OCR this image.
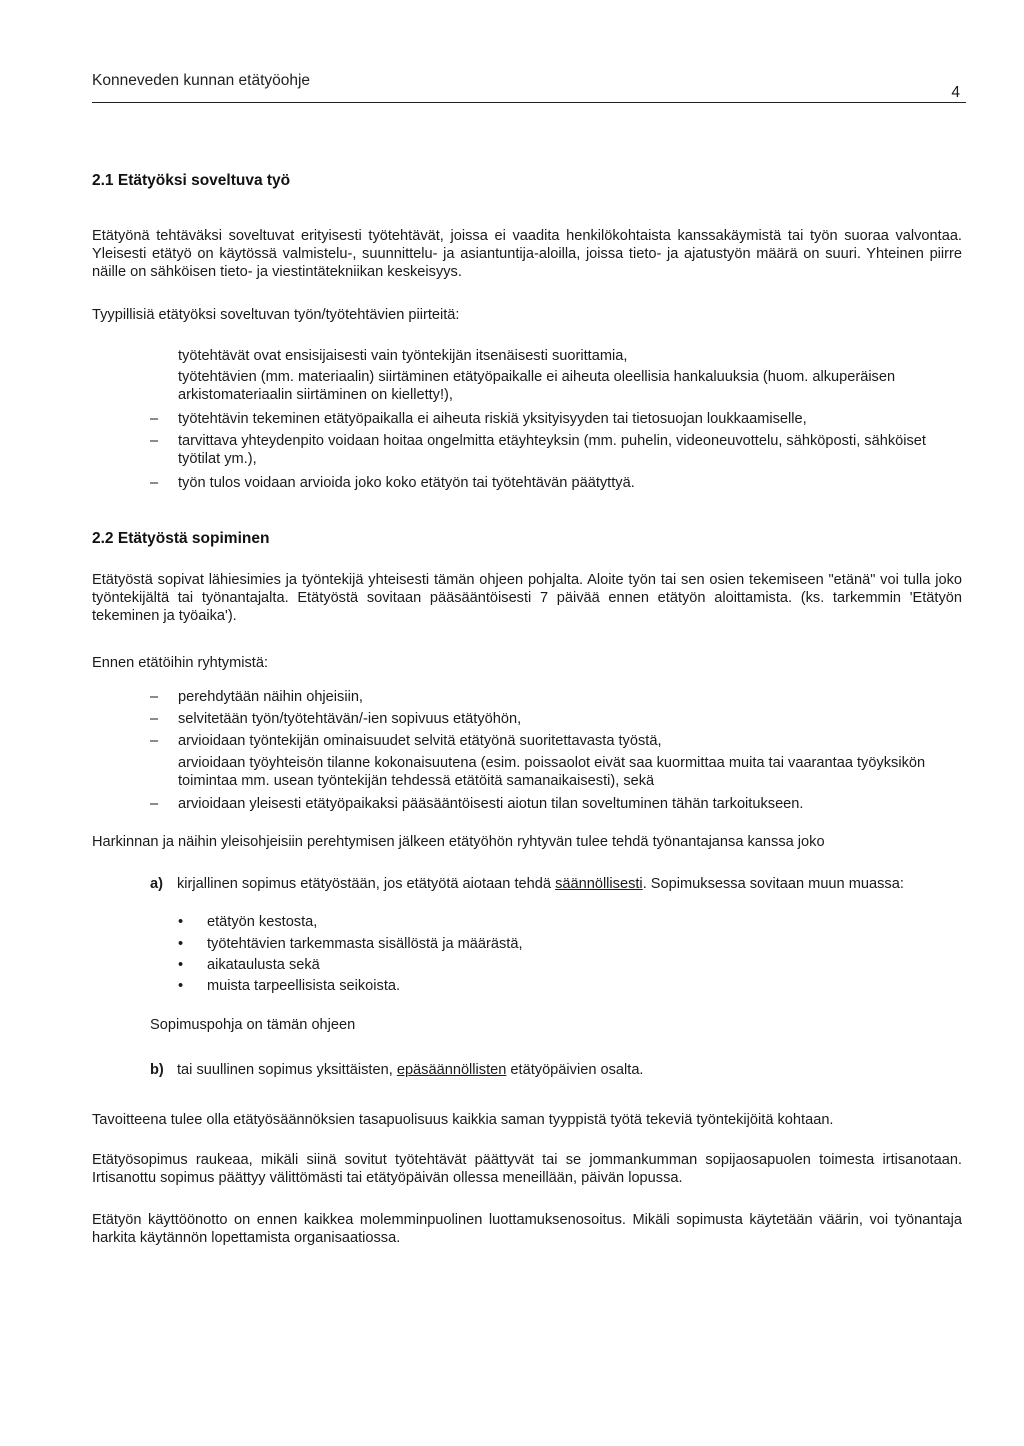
Konneveden kunnan etätyöohje
4
2.1 Etätyöksi soveltuva työ
Etätyönä tehtäväksi soveltuvat erityisesti työtehtävät, joissa ei vaadita henkilökohtaista kanssakäymistä tai työn suoraa valvontaa. Yleisesti etätyö on käytössä valmistelu-, suunnittelu- ja asiantuntija-aloilla, joissa tieto- ja ajatustyön määrä on suuri. Yhteinen piirre näille on sähköisen tieto- ja viestintätekniikan keskeisyys.
Tyypillisiä etätyöksi soveltuvan työn/työtehtävien piirteitä:
työtehtävät ovat ensisijaisesti vain työntekijän itsenäisesti suorittamia,
työtehtävien (mm. materiaalin) siirtäminen etätyöpaikalle ei aiheuta oleellisia hankaluuksia (huom. alkuperäisen arkistomateriaalin siirtäminen on kielletty!),
– työtehtävin tekeminen etätyöpaikalla ei aiheuta riskiä yksityisyyden tai tietosuojan loukkaamiselle,
– tarvittava yhteydenpito voidaan hoitaa ongelmitta etäyhteyksin (mm. puhelin, videoneuvottelu, sähköposti, sähköiset työtilat ym.),
– työn tulos voidaan arvioida joko koko etätyön tai työtehtävän päätyttyä.
2.2 Etätyöstä sopiminen
Etätyöstä sopivat lähiesimies ja työntekijä yhteisesti tämän ohjeen pohjalta. Aloite työn tai sen osien tekemiseen "etänä" voi tulla joko työntekijältä tai työnantajalta. Etätyöstä sovitaan pääsääntöisesti 7 päivää ennen etätyön aloittamista. (ks. tarkemmin 'Etätyön tekeminen ja työaika').
Ennen etätöihin ryhtymistä:
– perehdytään näihin ohjeisiin,
– selvitetään työn/työtehtävän/-ien sopivuus etätyöhön,
– arvioidaan työntekijän ominaisuudet selvitä etätyönä suoritettavasta työstä,
arvioidaan työyhteisön tilanne kokonaisuutena (esim. poissaolot eivät saa kuormittaa muita tai vaarantaa työyksikön toimintaa mm. usean työntekijän tehdessä etätöitä samanaikaisesti), sekä
– arvioidaan yleisesti etätyöpaikaksi pääsääntöisesti aiotun tilan soveltuminen tähän tarkoitukseen.
Harkinnan ja näihin yleisohjeisiin perehtymisen jälkeen etätyöhön ryhtyvän tulee tehdä työnantajansa kanssa joko
a) kirjallinen sopimus etätyöstään, jos etätyötä aiotaan tehdä säännöllisesti. Sopimuksessa sovitaan muun muassa:
• etätyön kestosta,
• työtehtävien tarkemmasta sisällöstä ja määrästä,
• aikataulusta sekä
• muista tarpeellisista seikoista.
Sopimuspohja on tämän ohjeen
b) tai suullinen sopimus yksittäisten, epäsäännöllisten etätyöpäivien osalta.
Tavoitteena tulee olla etätyösäännöksien tasapuolisuus kaikkia saman tyyppistä työtä tekeviä työntekijöitä kohtaan.
Etätyösopimus raukeaa, mikäli siinä sovitut työtehtävät päättyvät tai se jommankumman sopijaosapuolen toimesta irtisanotaan. Irtisanottu sopimus päättyy välittömästi tai etätyöpäivän ollessa meneillään, päivän lopussa.
Etätyön käyttöönotto on ennen kaikkea molemminpuolinen luottamuksenosoitus. Mikäli sopimusta käytetään väärin, voi työnantaja harkita käytännön lopettamista organisaatiossa.
